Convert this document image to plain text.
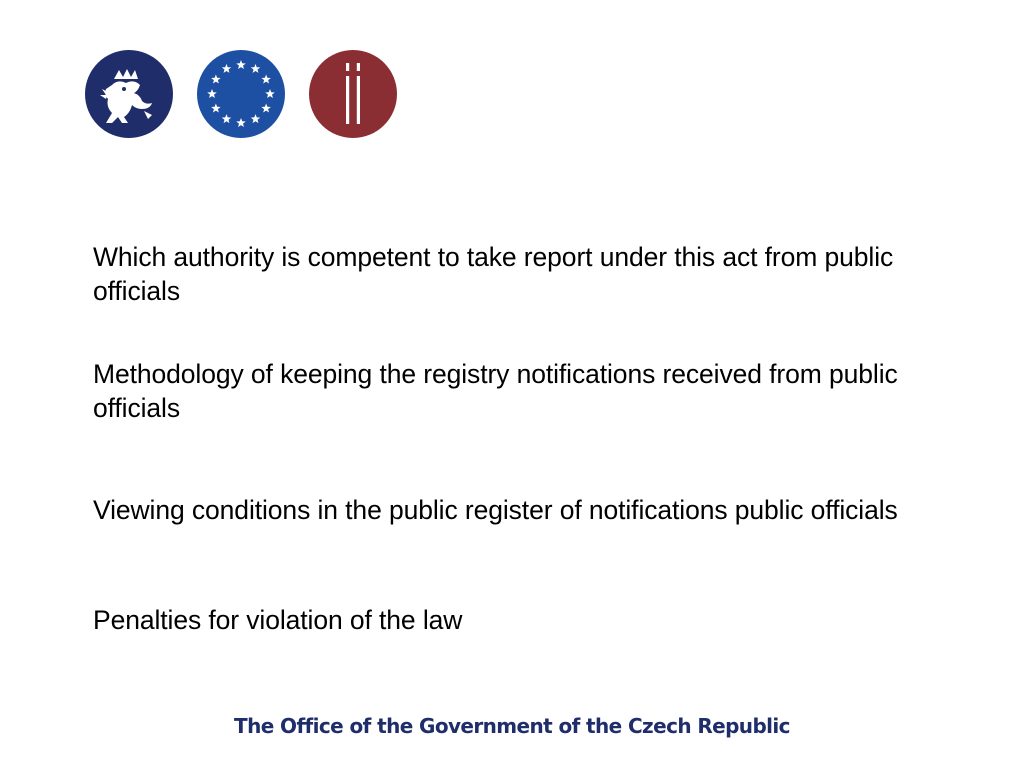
Which authority is competent to take report under this act from public officials

Methodology of keeping the registry notifications received from public officials

Viewing conditions in the public register of notifications public officials

Penalties for violation of the law

The Office of the Government of the Czech Republic
